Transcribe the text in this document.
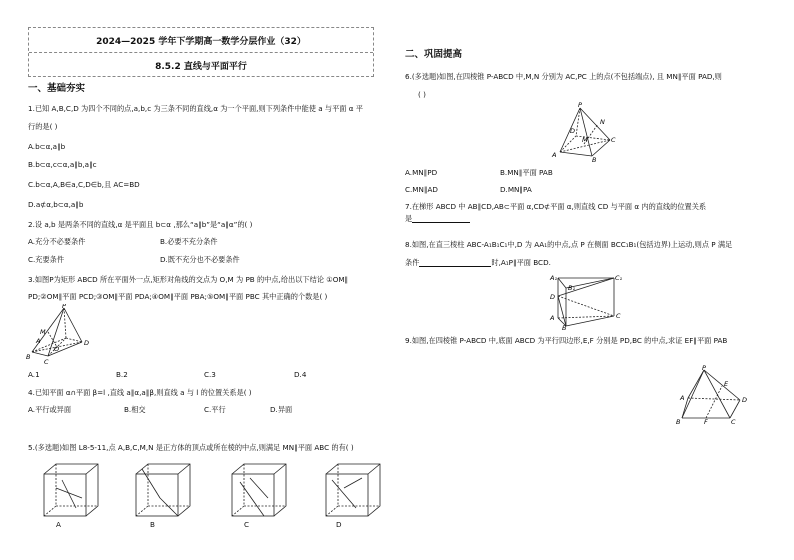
2024—2025 学年下学期高一数学分层作业（32）
8.5.2 直线与平面平行
一、基础夯实
1.已知 A,B,C,D 为四个不同的点,a,b,c 为三条不同的直线,α 为一个平面,则下列条件中能使 a 与平面 α 平
行的是( )
A.b⊂α,a∥b
B.b⊂α,c⊂α,a∥b,a∥c
C.b⊂α,A,B∈a,C,D∈b,且 AC=BD
D.a⊄α,b⊂α,a∥b
2.设 a,b 是两条不同的直线,α 是平面且 b⊂α ,那么“a∥b”是“a∥α”的( )
A.充分不必要条件	B.必要不充分条件
C.充要条件	D.既不充分也不必要条件
3.如图P为矩形 ABCD 所在平面外一点,矩形对角线的交点为 O,M 为 PB 的中点,给出以下结论 ①OM∥
PD;②OM∥平面 PCD;③OM∥平面 PDA;④OM∥平面 PBA;⑤OM∥平面 PBC 其中正确的个数是( )
P
M
A
O
B
C
D
A.1	B.2	C.3	D.4
4.已知平面 α∩平面 β=l ,直线 a∥α,a∥β,则直线 a 与 l 的位置关系是( )
A.平行或异面	B.相交	C.平行	D.异面
5.(多选题)如图 L8-5-11,点 A,B,C,M,N 是正方体的顶点或所在棱的中点,则满足 MN∥平面 ABC 的有( )
A	B	C	D
二、巩固提高
6.(多选题)如图,在四棱锥 P-ABCD 中,M,N 分别为 AC,PC 上的点(不包括端点), 且 MN∥平面 PAD,则
( )
P
N
D
M	C
A
B
A.MN∥PD	B.MN∥平面 PAB
C.MN∥AD	D.MN∥PA
7.在梯形 ABCD 中 AB∥CD,AB⊂平面 α,CD⊄平面 α,则直线 CD 与平面 α 内的直线的位置关系
是
8.如图,在直三棱柱 ABC-A₁B₁C₁中,D 为 AA₁的中点,点 P 在侧面 BCC₁B₁(包括边界)上运动,则点 P 满足
条件	时,A₁P∥平面 BCD.
A₁	C₁
B₁
D
A	C
B
9.如图,在四棱锥 P-ABCD 中,底面 ABCD 为平行四边形,E,F 分别是 PD,BC 的中点,求证 EF∥平面 PAB
P
A	D
E
B	F	C
